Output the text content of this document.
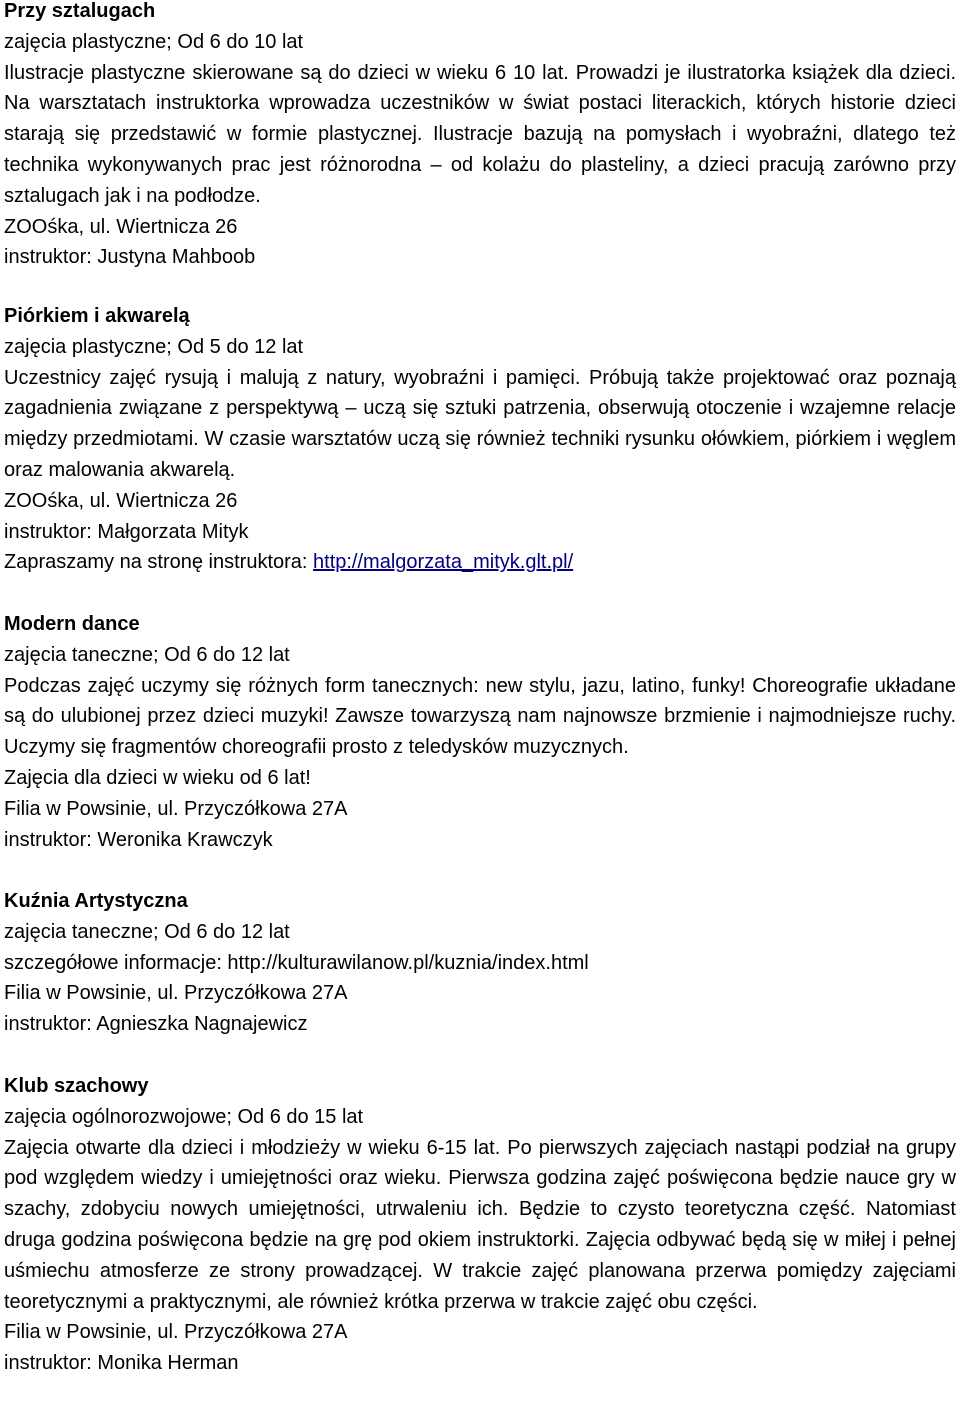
Przy sztalugach
zajęcia plastyczne; Od 6 do 10 lat

Ilustracje plastyczne skierowane są do dzieci w wieku 6 10 lat. Prowadzi je ilustratorka książek dla dzieci. Na warsztatach instruktorka wprowadza uczestników w świat postaci literackich, których historie dzieci starają się przedstawić w formie plastycznej. Ilustracje bazują na pomysłach i wyobraźni, dlatego też technika wykonywanych prac jest różnorodna – od kolażu do plasteliny, a dzieci pracują zarówno przy sztalugach jak i na podłodze.

ZOOśka, ul. Wiertnicza 26
instruktor: Justyna Mahboob
Piórkiem i akwarelą
zajęcia plastyczne; Od 5 do 12 lat

Uczestnicy zajęć rysują i malują z natury, wyobraźni i pamięci. Próbują także projektować oraz poznają zagadnienia związane z perspektywą – uczą się sztuki patrzenia, obserwują otoczenie i wzajemne relacje między przedmiotami. W czasie warsztatów uczą się również techniki rysunku ołówkiem, piórkiem i węglem oraz malowania akwarelą.

ZOOśka, ul. Wiertnicza 26
instruktor: Małgorzata Mityk
Zapraszamy na stronę instruktora: http://malgorzata_mityk.glt.pl/
Modern dance
zajęcia taneczne; Od 6 do 12 lat

Podczas zajęć uczymy się różnych form tanecznych: new stylu, jazu, latino, funky! Choreografie układane są do ulubionej przez dzieci muzyki! Zawsze towarzyszą nam najnowsze brzmienie i najmodniejsze ruchy. Uczymy się fragmentów choreografii prosto z teledysków muzycznych.

Zajęcia dla dzieci w wieku od 6 lat!
Filia w Powsinie, ul. Przyczółkowa 27A
instruktor: Weronika Krawczyk
Kuźnia Artystyczna
zajęcia taneczne; Od 6 do 12 lat
szczegółowe informacje: http://kulturawilanow.pl/kuznia/index.html
Filia w Powsinie, ul. Przyczółkowa 27A
instruktor: Agnieszka Nagnajewicz
Klub szachowy
zajęcia ogólnorozwojowe; Od 6 do 15 lat

Zajęcia otwarte dla dzieci i młodzieży w wieku 6-15 lat. Po pierwszych zajęciach nastąpi podział na grupy pod względem wiedzy i umiejętności oraz wieku. Pierwsza godzina zajęć poświęcona będzie nauce gry w szachy, zdobyciu nowych umiejętności, utrwaleniu ich. Będzie to czysto teoretyczna część. Natomiast druga godzina poświęcona będzie na grę pod okiem instruktorki. Zajęcia odbywać będą się w miłej i pełnej uśmiechu atmosferze ze strony prowadzącej. W trakcie zajęć planowana przerwa pomiędzy zajęciami teoretycznymi a praktycznymi, ale również krótka przerwa w trakcie zajęć obu części.

Filia w Powsinie, ul. Przyczółkowa 27A
instruktor: Monika Herman
